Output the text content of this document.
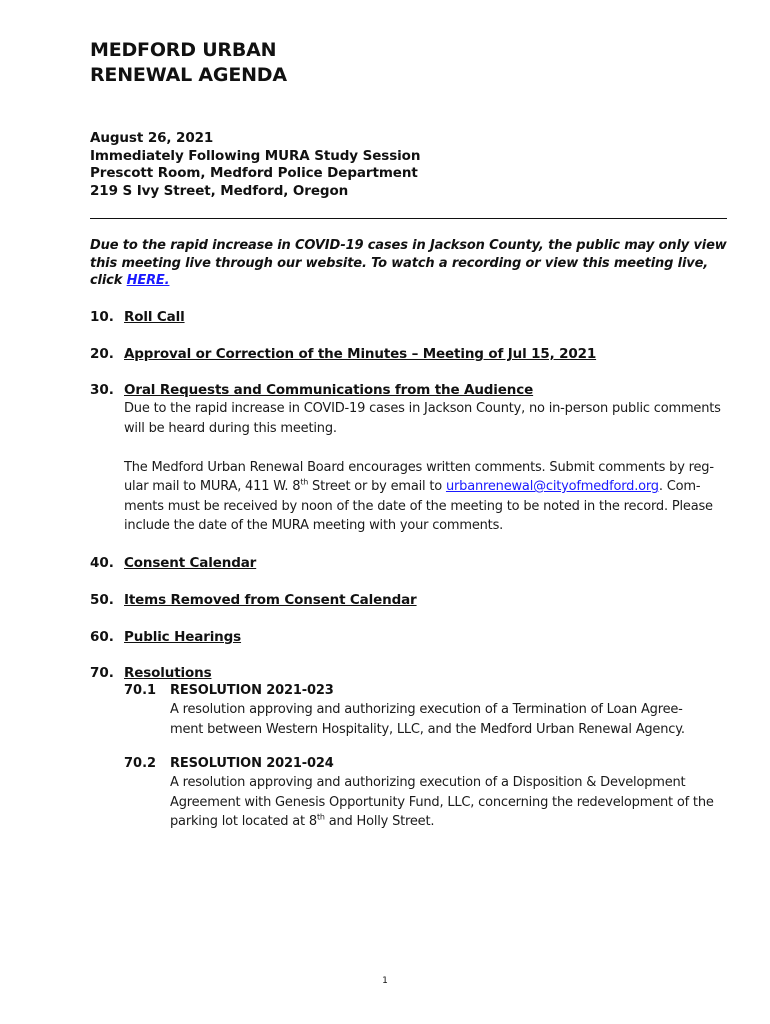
MEDFORD URBAN
RENEWAL AGENDA
August 26, 2021
Immediately Following MURA Study Session
Prescott Room, Medford Police Department
219 S Ivy Street, Medford, Oregon
Due to the rapid increase in COVID-19 cases in Jackson County, the public may only view
this meeting live through our website. To watch a recording or view this meeting live,
click HERE.
10. Roll Call
20. Approval or Correction of the Minutes – Meeting of Jul 15, 2021
30. Oral Requests and Communications from the Audience

Due to the rapid increase in COVID-19 cases in Jackson County, no in-person public comments

will be heard during this meeting.

The Medford Urban Renewal Board encourages written comments. Submit comments by reg-

ular mail to MURA, 411 W. 8th Street or by email to urbanrenewal@cityofmedford.org. Com-

ments must be received by noon of the date of the meeting to be noted in the record. Please

include the date of the MURA meeting with your comments.

40. Consent Calendar
50. Items Removed from Consent Calendar
60. Public Hearings
70. Resolutions
70.1 RESOLUTION 2021-023

A resolution approving and authorizing execution of a Termination of Loan Agree-

ment between Western Hospitality, LLC, and the Medford Urban Renewal Agency.

70.2 RESOLUTION 2021-024

A resolution approving and authorizing execution of a Disposition & Development

Agreement with Genesis Opportunity Fund, LLC, concerning the redevelopment of the

parking lot located at 8th and Holly Street.

1
